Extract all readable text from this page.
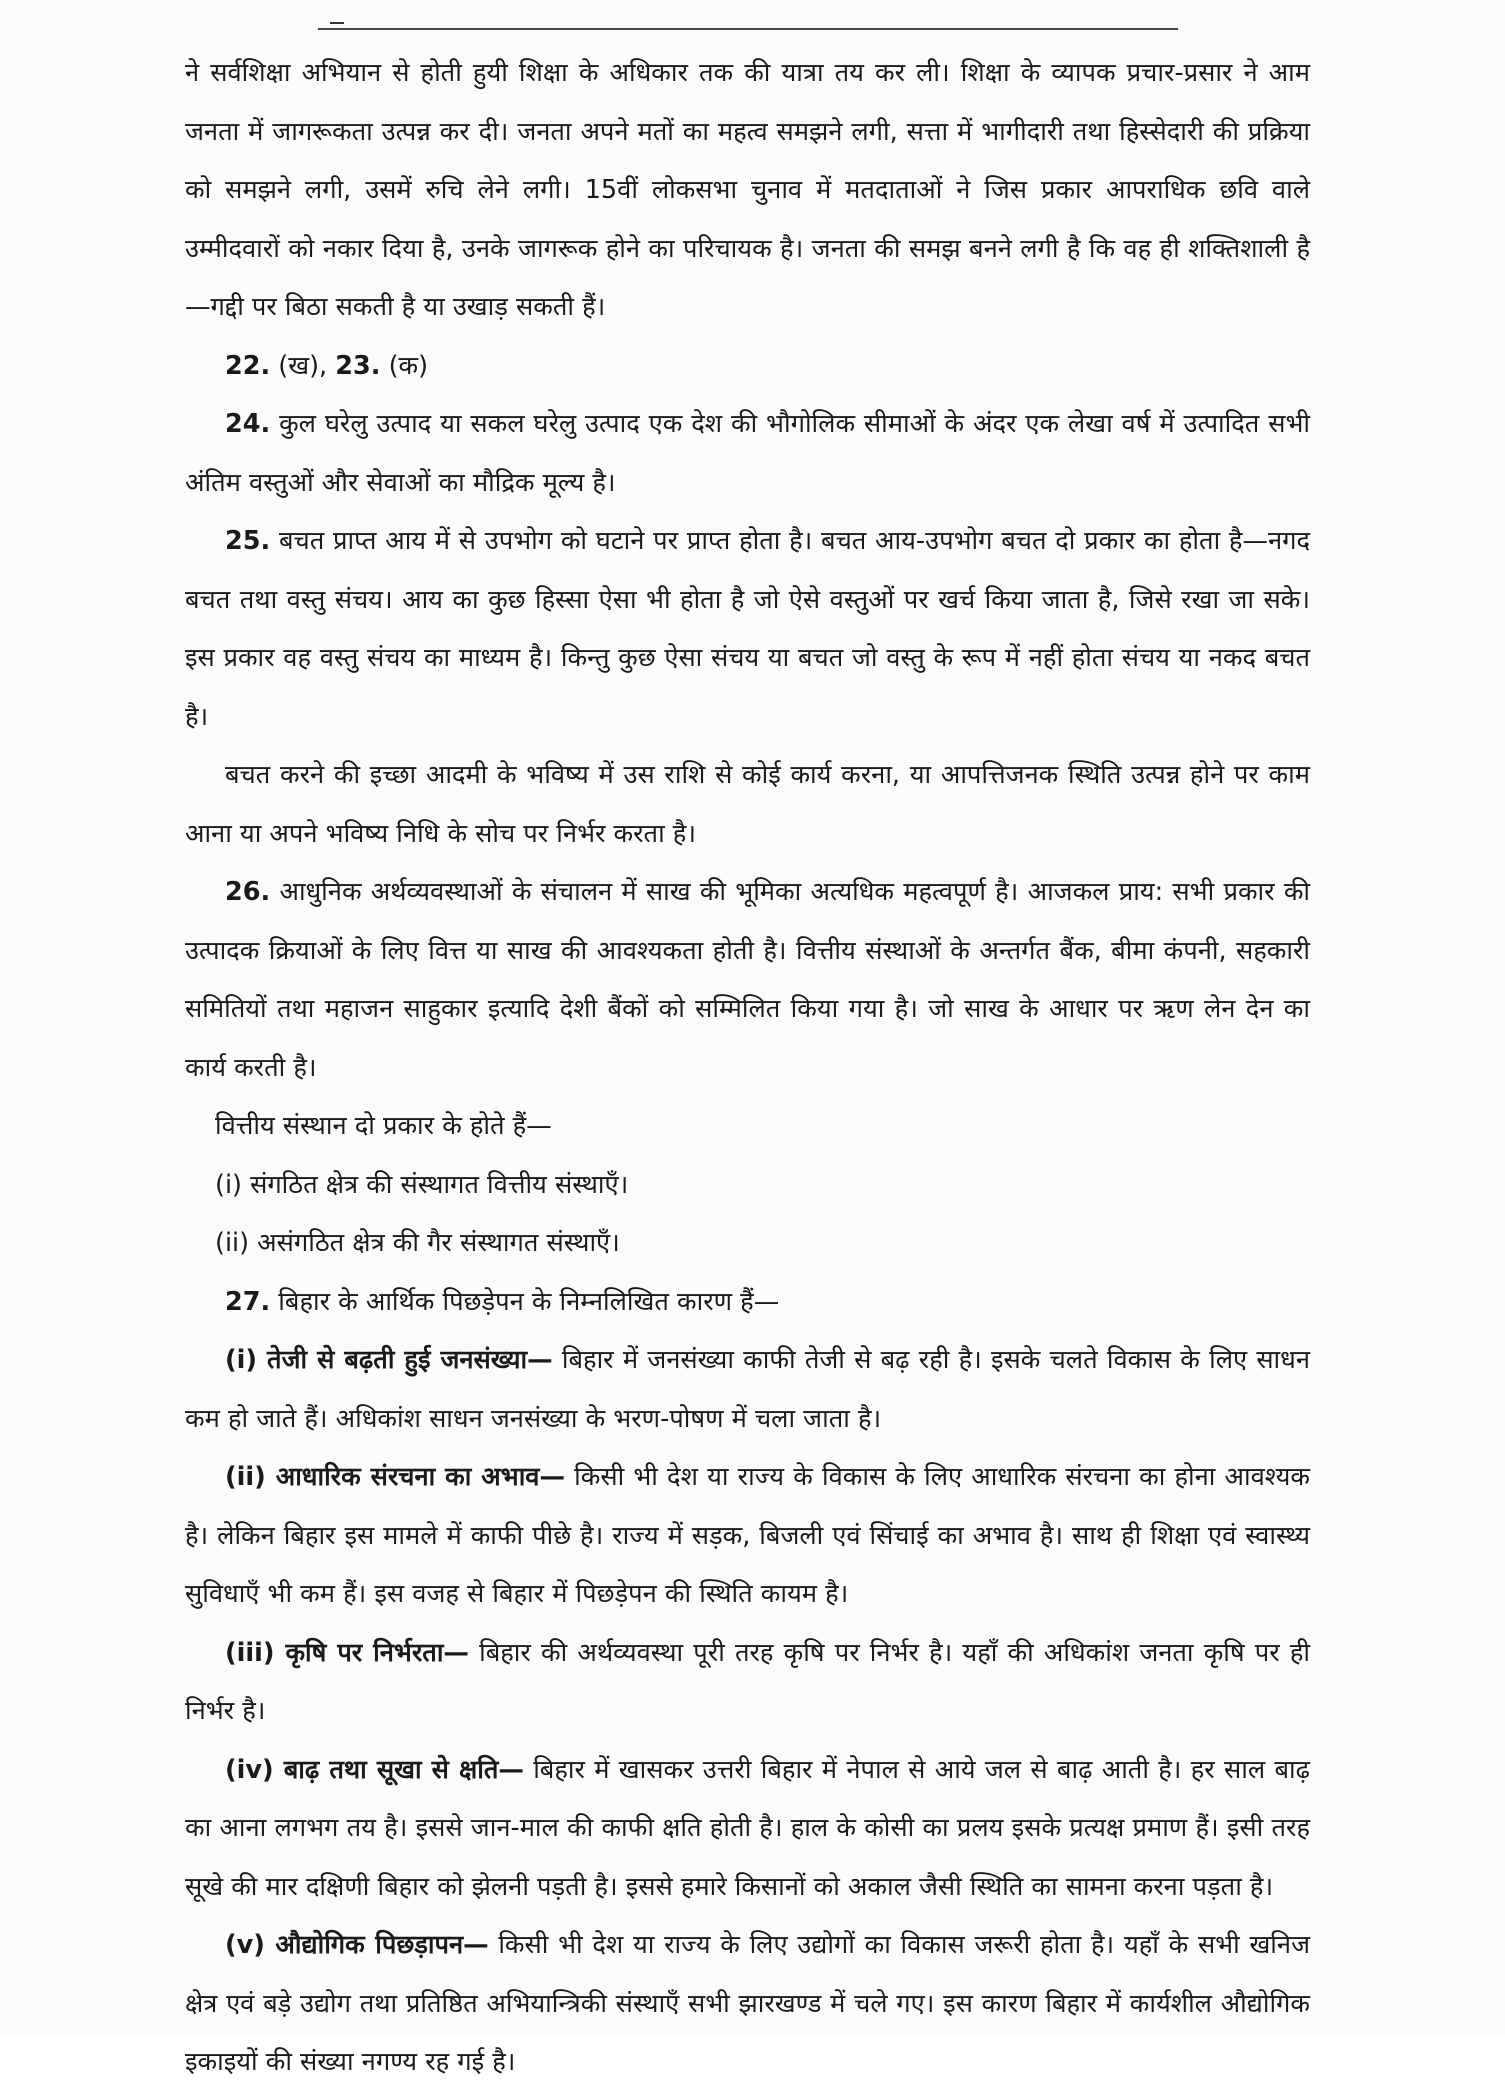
ने सर्वशिक्षा अभियान से होती हुयी शिक्षा के अधिकार तक की यात्रा तय कर ली। शिक्षा के व्यापक प्रचार-प्रसार ने आम जनता में जागरूकता उत्पन्न कर दी। जनता अपने मतों का महत्व समझने लगी, सत्ता में भागीदारी तथा हिस्सेदारी की प्रक्रिया को समझने लगी, उसमें रुचि लेने लगी। 15वीं लोकसभा चुनाव में मतदाताओं ने जिस प्रकार आपराधिक छवि वाले उम्मीदवारों को नकार दिया है, उनके जागरूक होने का परिचायक है। जनता की समझ बनने लगी है कि वह ही शक्तिशाली है—गद्दी पर बिठा सकती है या उखाड़ सकती हैं।

22. (ख), 23. (क)

24. कुल घरेलु उत्पाद या सकल घरेलु उत्पाद एक देश की भौगोलिक सीमाओं के अंदर एक लेखा वर्ष में उत्पादित सभी अंतिम वस्तुओं और सेवाओं का मौद्रिक मूल्य है।

25. बचत प्राप्त आय में से उपभोग को घटाने पर प्राप्त होता है। बचत आय-उपभोग बचत दो प्रकार का होता है—नगद बचत तथा वस्तु संचय। आय का कुछ हिस्सा ऐसा भी होता है जो ऐसे वस्तुओं पर खर्च किया जाता है, जिसे रखा जा सके। इस प्रकार वह वस्तु संचय का माध्यम है। किन्तु कुछ ऐसा संचय या बचत जो वस्तु के रूप में नहीं होता संचय या नकद बचत है।

बचत करने की इच्छा आदमी के भविष्य में उस राशि से कोई कार्य करना, या आपत्तिजनक स्थिति उत्पन्न होने पर काम आना या अपने भविष्य निधि के सोच पर निर्भर करता है।

26. आधुनिक अर्थव्यवस्थाओं के संचालन में साख की भूमिका अत्यधिक महत्वपूर्ण है। आजकल प्राय: सभी प्रकार की उत्पादक क्रियाओं के लिए वित्त या साख की आवश्यकता होती है। वित्तीय संस्थाओं के अन्तर्गत बैंक, बीमा कंपनी, सहकारी समितियों तथा महाजन साहुकार इत्यादि देशी बैंकों को सम्मिलित किया गया है। जो साख के आधार पर ऋण लेन देन का कार्य करती है।

वित्तीय संस्थान दो प्रकार के होते हैं—

(i) संगठित क्षेत्र की संस्थागत वित्तीय संस्थाएँ।

(ii) असंगठित क्षेत्र की गैर संस्थागत संस्थाएँ।

27. बिहार के आर्थिक पिछड़ेपन के निम्नलिखित कारण हैं—

(i) तेजी से बढ़ती हुई जनसंख्या— बिहार में जनसंख्या काफी तेजी से बढ़ रही है। इसके चलते विकास के लिए साधन कम हो जाते हैं। अधिकांश साधन जनसंख्या के भरण-पोषण में चला जाता है।

(ii) आधारिक संरचना का अभाव— किसी भी देश या राज्य के विकास के लिए आधारिक संरचना का होना आवश्यक है। लेकिन बिहार इस मामले में काफी पीछे है। राज्य में सड़क, बिजली एवं सिंचाई का अभाव है। साथ ही शिक्षा एवं स्वास्थ्य सुविधाएँ भी कम हैं। इस वजह से बिहार में पिछड़ेपन की स्थिति कायम है।

(iii) कृषि पर निर्भरता— बिहार की अर्थव्यवस्था पूरी तरह कृषि पर निर्भर है। यहाँ की अधिकांश जनता कृषि पर ही निर्भर है।

(iv) बाढ़ तथा सूखा से क्षति— बिहार में खासकर उत्तरी बिहार में नेपाल से आये जल से बाढ़ आती है। हर साल बाढ़ का आना लगभग तय है। इससे जान-माल की काफी क्षति होती है। हाल के कोसी का प्रलय इसके प्रत्यक्ष प्रमाण हैं। इसी तरह सूखे की मार दक्षिणी बिहार को झेलनी पड़ती है। इससे हमारे किसानों को अकाल जैसी स्थिति का सामना करना पड़ता है।

(v) औद्योगिक पिछड़ापन— किसी भी देश या राज्य के लिए उद्योगों का विकास जरूरी होता है। यहाँ के सभी खनिज क्षेत्र एवं बड़े उद्योग तथा प्रतिष्ठित अभियान्त्रिकी संस्थाएँ सभी झारखण्ड में चले गए। इस कारण बिहार में कार्यशील औद्योगिक इकाइयों की संख्या नगण्य रह गई है।
